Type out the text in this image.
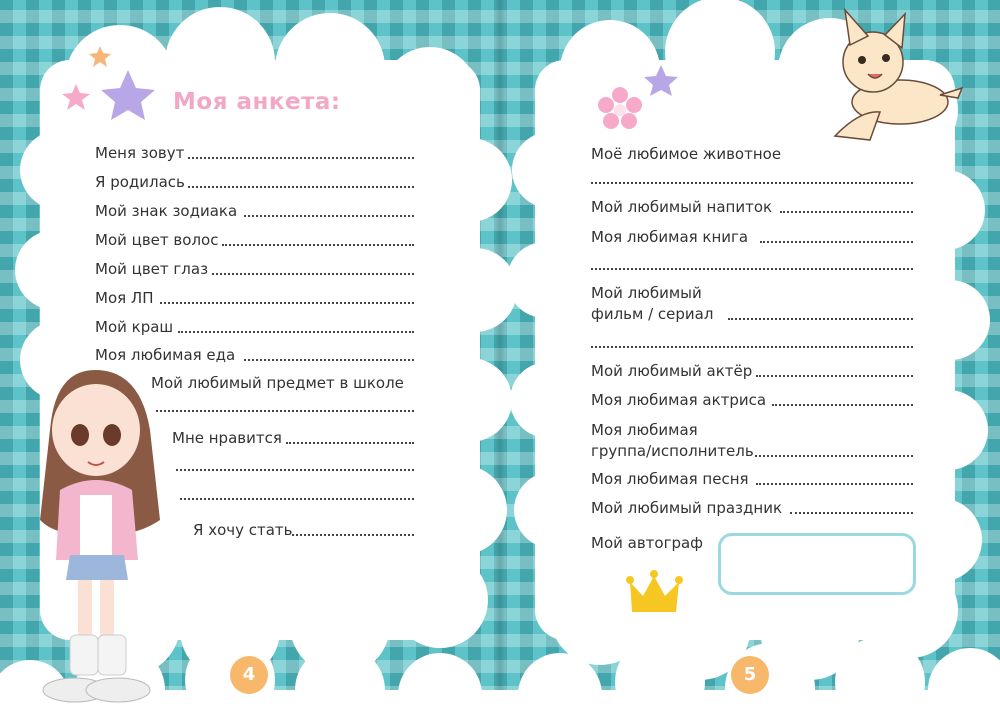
Моя анкета:
Меня зовут
Я родилась
Мой знак зодиака
Мой цвет волос
Мой цвет глаз
Моя ЛП
Мой краш
Моя любимая еда
Мой любимый предмет в школе
Мне нравится
Я хочу стать
4
Моё любимое животное
Мой любимый напиток
Моя любимая книга
Мой любимый
фильм / сериал
Мой любимый актёр
Моя любимая актриса
Моя любимая
группа/исполнитель
Моя любимая песня
Мой любимый праздник
Мой автограф
5
